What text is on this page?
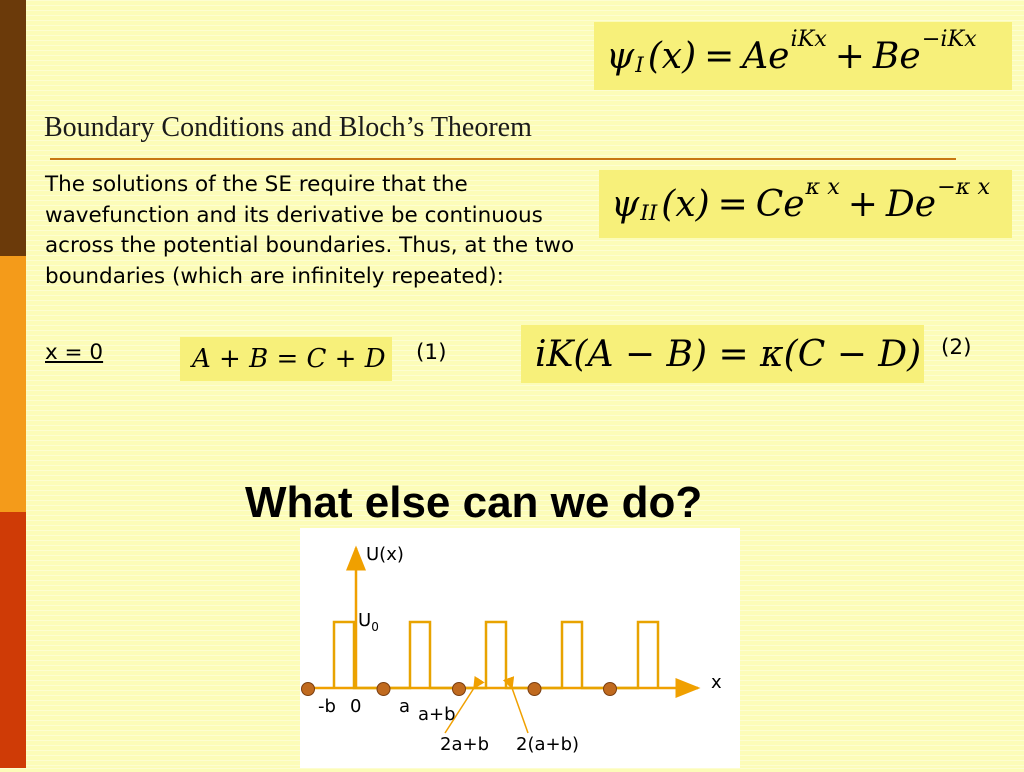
ψ I (x) = A e iKx + B e −iKx
Boundary Conditions and Bloch’s Theorem

The solutions of the SE require that the wavefunction and its derivative be continuous across the potential boundaries. Thus, at the two boundaries (which are infinitely repeated):

ψ II (x) = C e κ x + D e −κ x
x = 0	A + B = C + D (1) iK(A − B) = κ(C − D) (2)
What else can we do?
U(x)
$U_0$
x
-b 0 a a+b
2a+b 2(a+b)
